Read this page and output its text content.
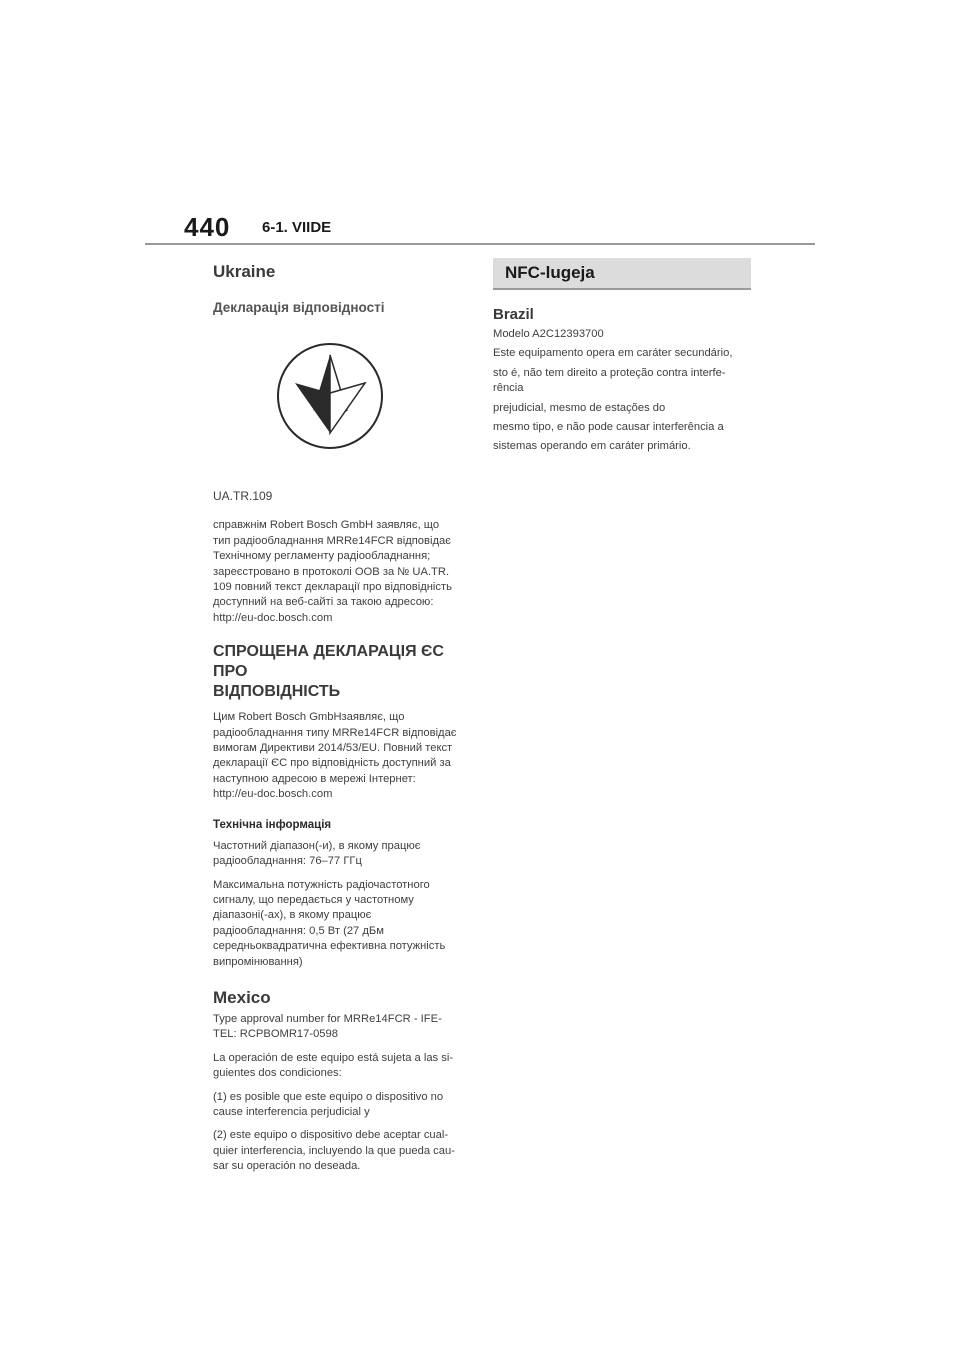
440 6-1. VIIDE
Ukraine
Декларація відповідності

UA.TR.109

справжнім Robert Bosch GmbH заявляє, що
тип радіообладнання MRRe14FCR відповідає
Технічному регламенту радіообладнання;
зареєстровано в протоколі OOB за № UA.TR.
109 повний текст декларації про відповідність
доступний на веб-сайті за такою адресою:
http://eu-doc.bosch.com

СПРОЩЕНА ДЕКЛАРАЦІЯ ЄС ПРО
ВІДПОВІДНІСТЬ

Цим Robert Bosch GmbHзаявляє, що
радіообладнання типу MRRe14FCR відповідає
вимогам Директиви 2014/53/EU. Повний текст
декларації ЄС про відповідність доступний за
наступною адресою в мережі Інтернет:
http://eu-doc.bosch.com

Технічна інформація

Частотний діапазон(-и), в якому працює
радіообладнання: 76–77 ГГц

Максимальна потужність радіочастотного
сигналу, що передається у частотному
діапазоні(-ах), в якому працює
радіообладнання: 0,5 Вт (27 дБм
середньоквадратична ефективна потужність
випромінювання)

Mexico

Type approval number for MRRe14FCR - IFE-
TEL: RCPBOMR17-0598

La operación de este equipo está sujeta a las si-
guientes dos condiciones:

(1) es posible que este equipo o dispositivo no
cause interferencia perjudicial y

(2) este equipo o dispositivo debe aceptar cual-
quier interferencia, incluyendo la que pueda cau-
sar su operación no deseada.

NFC-lugeja
Brazil

Modelo A2C12393700

Este equipamento opera em caráter secundário,

sto é, não tem direito a proteção contra interfe-
rência

prejudicial, mesmo de estações do

mesmo tipo, e não pode causar interferência a

sistemas operando em caráter primário.
